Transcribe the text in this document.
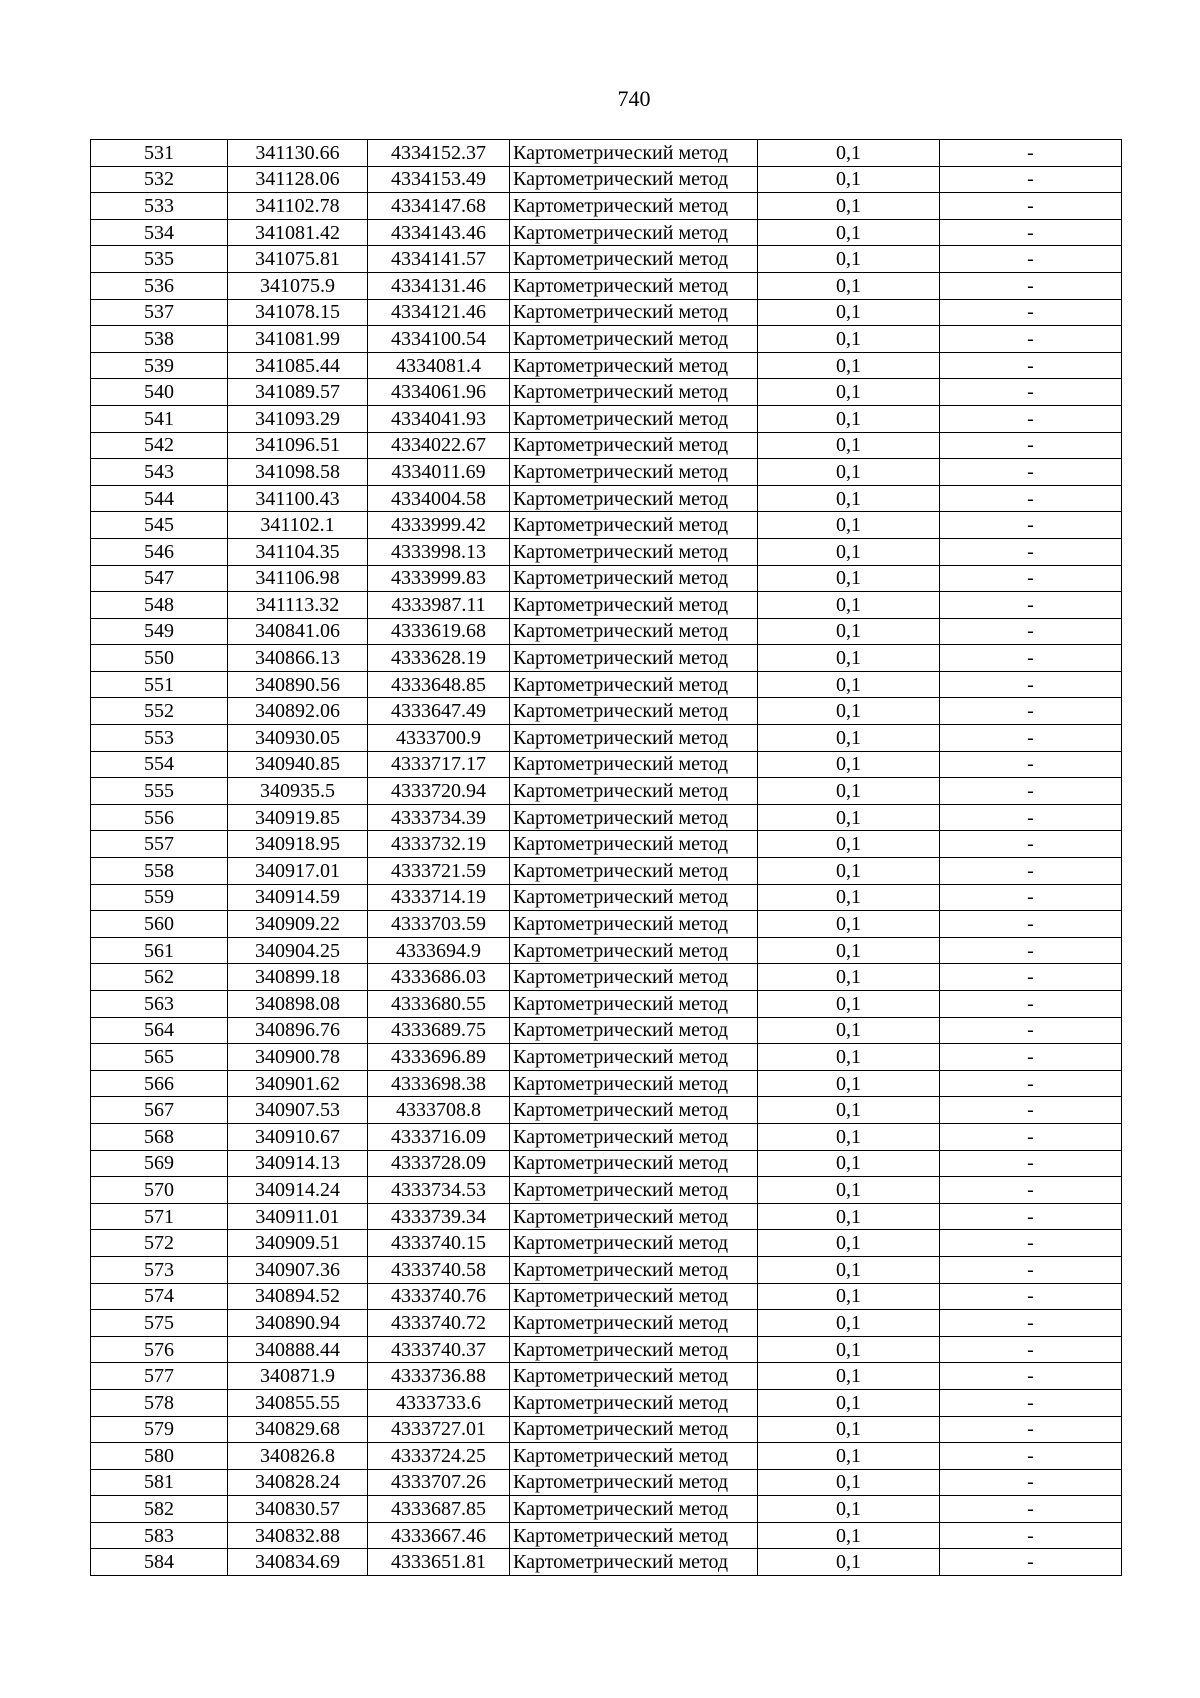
740
531	341130.66	4334152.37	Картометрический метод	0,1	-
532	341128.06	4334153.49	Картометрический метод	0,1	-
533	341102.78	4334147.68	Картометрический метод	0,1	-
534	341081.42	4334143.46	Картометрический метод	0,1	-
535	341075.81	4334141.57	Картометрический метод	0,1	-
536	341075.9	4334131.46	Картометрический метод	0,1	-
537	341078.15	4334121.46	Картометрический метод	0,1	-
538	341081.99	4334100.54	Картометрический метод	0,1	-
539	341085.44	4334081.4	Картометрический метод	0,1	-
540	341089.57	4334061.96	Картометрический метод	0,1	-
541	341093.29	4334041.93	Картометрический метод	0,1	-
542	341096.51	4334022.67	Картометрический метод	0,1	-
543	341098.58	4334011.69	Картометрический метод	0,1	-
544	341100.43	4334004.58	Картометрический метод	0,1	-
545	341102.1	4333999.42	Картометрический метод	0,1	-
546	341104.35	4333998.13	Картометрический метод	0,1	-
547	341106.98	4333999.83	Картометрический метод	0,1	-
548	341113.32	4333987.11	Картометрический метод	0,1	-
549	340841.06	4333619.68	Картометрический метод	0,1	-
550	340866.13	4333628.19	Картометрический метод	0,1	-
551	340890.56	4333648.85	Картометрический метод	0,1	-
552	340892.06	4333647.49	Картометрический метод	0,1	-
553	340930.05	4333700.9	Картометрический метод	0,1	-
554	340940.85	4333717.17	Картометрический метод	0,1	-
555	340935.5	4333720.94	Картометрический метод	0,1	-
556	340919.85	4333734.39	Картометрический метод	0,1	-
557	340918.95	4333732.19	Картометрический метод	0,1	-
558	340917.01	4333721.59	Картометрический метод	0,1	-
559	340914.59	4333714.19	Картометрический метод	0,1	-
560	340909.22	4333703.59	Картометрический метод	0,1	-
561	340904.25	4333694.9	Картометрический метод	0,1	-
562	340899.18	4333686.03	Картометрический метод	0,1	-
563	340898.08	4333680.55	Картометрический метод	0,1	-
564	340896.76	4333689.75	Картометрический метод	0,1	-
565	340900.78	4333696.89	Картометрический метод	0,1	-
566	340901.62	4333698.38	Картометрический метод	0,1	-
567	340907.53	4333708.8	Картометрический метод	0,1	-
568	340910.67	4333716.09	Картометрический метод	0,1	-
569	340914.13	4333728.09	Картометрический метод	0,1	-
570	340914.24	4333734.53	Картометрический метод	0,1	-
571	340911.01	4333739.34	Картометрический метод	0,1	-
572	340909.51	4333740.15	Картометрический метод	0,1	-
573	340907.36	4333740.58	Картометрический метод	0,1	-
574	340894.52	4333740.76	Картометрический метод	0,1	-
575	340890.94	4333740.72	Картометрический метод	0,1	-
576	340888.44	4333740.37	Картометрический метод	0,1	-
577	340871.9	4333736.88	Картометрический метод	0,1	-
578	340855.55	4333733.6	Картометрический метод	0,1	-
579	340829.68	4333727.01	Картометрический метод	0,1	-
580	340826.8	4333724.25	Картометрический метод	0,1	-
581	340828.24	4333707.26	Картометрический метод	0,1	-
582	340830.57	4333687.85	Картометрический метод	0,1	-
583	340832.88	4333667.46	Картометрический метод	0,1	-
584	340834.69	4333651.81	Картометрический метод	0,1	-
